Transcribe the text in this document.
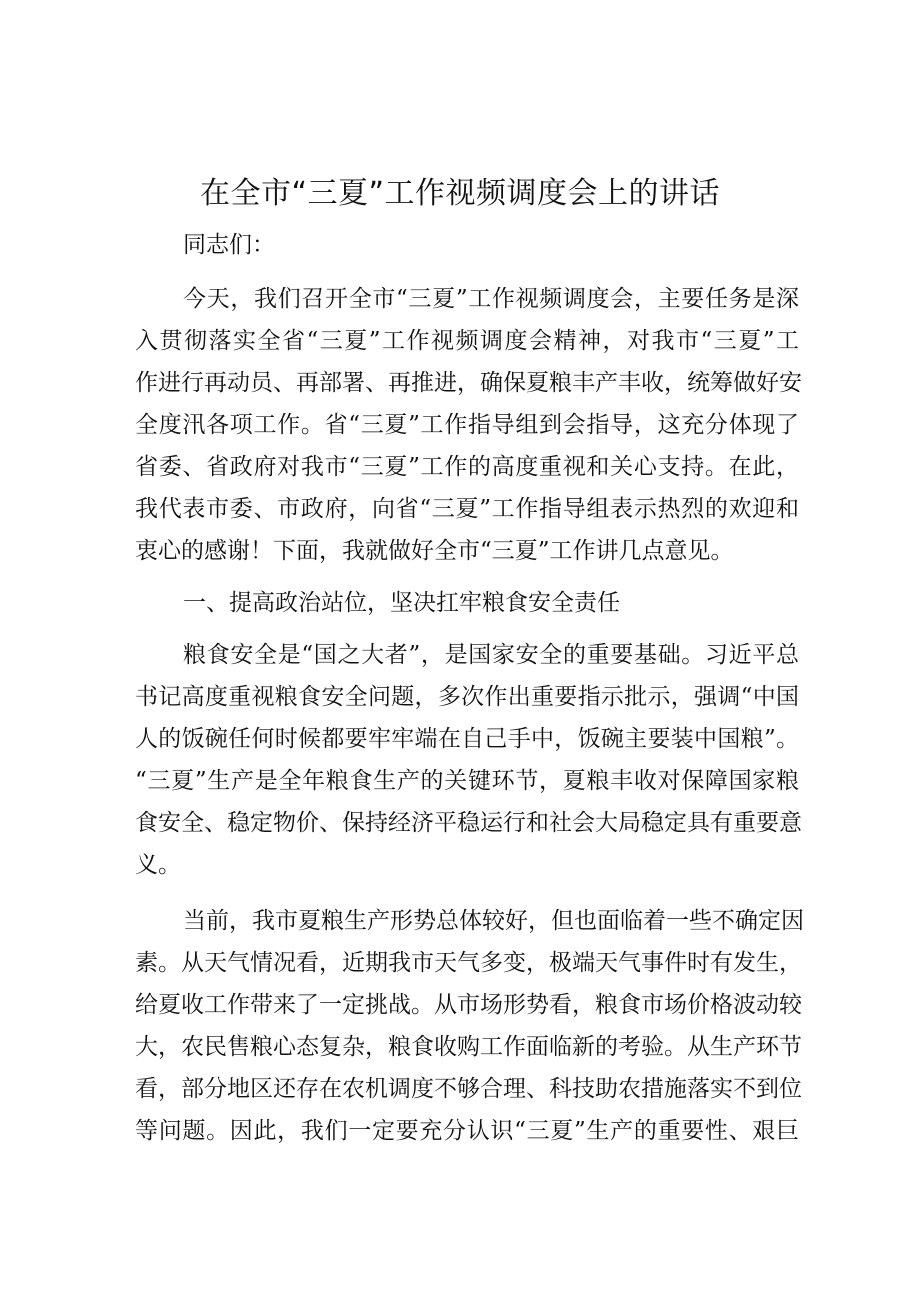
在全市“三夏”工作视频调度会上的讲话
同志们：
今天，我们召开全市“三夏”工作视频调度会，主要任务是深
入贯彻落实全省“三夏”工作视频调度会精神，对我市“三夏”工
作进行再动员、再部署、再推进，确保夏粮丰产丰收，统筹做好安
全度汛各项工作。省“三夏”工作指导组到会指导，这充分体现了
省委、省政府对我市“三夏”工作的高度重视和关心支持。在此，
我代表市委、市政府，向省“三夏”工作指导组表示热烈的欢迎和
衷心的感谢！下面，我就做好全市“三夏”工作讲几点意见。
一、提高政治站位，坚决扛牢粮食安全责任
粮食安全是“国之大者”，是国家安全的重要基础。习近平总
书记高度重视粮食安全问题，多次作出重要指示批示，强调“中国
人的饭碗任何时候都要牢牢端在自己手中，饭碗主要装中国粮”。
“三夏”生产是全年粮食生产的关键环节，夏粮丰收对保障国家粮
食安全、稳定物价、保持经济平稳运行和社会大局稳定具有重要意
义。
当前，我市夏粮生产形势总体较好，但也面临着一些不确定因
素。从天气情况看，近期我市天气多变，极端天气事件时有发生，
给夏收工作带来了一定挑战。从市场形势看，粮食市场价格波动较
大，农民售粮心态复杂，粮食收购工作面临新的考验。从生产环节
看，部分地区还存在农机调度不够合理、科技助农措施落实不到位
等问题。因此，我们一定要充分认识“三夏”生产的重要性、艰巨
